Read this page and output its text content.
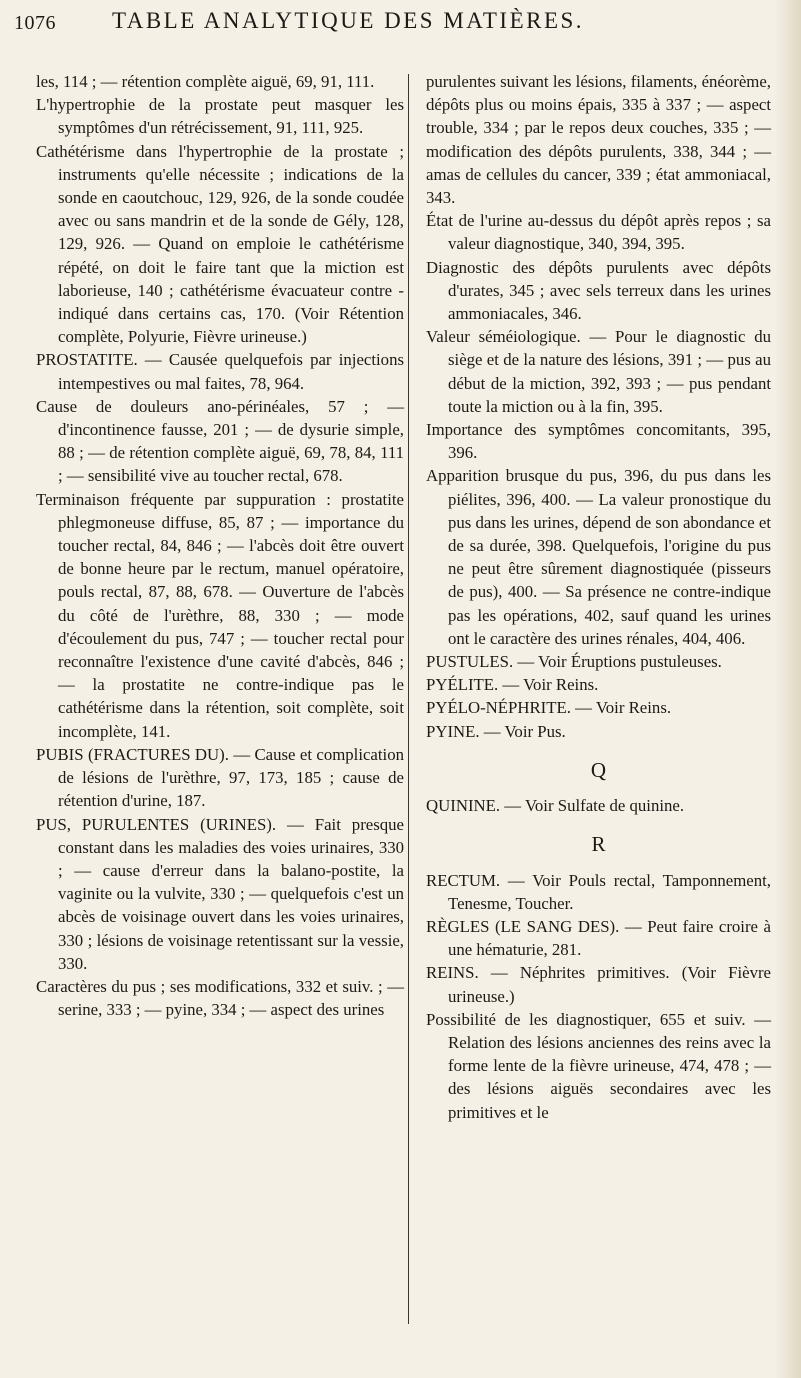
1076 TABLE ANALYTIQUE DES MATIÈRES.

les, 114 ; — rétention complète aiguë, 69, 91, 111.

L'hypertrophie de la prostate peut masquer les symptômes d'un rétrécissement, 91, 111, 925.

Cathétérisme dans l'hypertrophie de la prostate ; instruments qu'elle nécessite ; indications de la sonde en caoutchouc, 129, 926, de la sonde coudée avec ou sans mandrin et de la sonde de Gély, 128, 129, 926. — Quand on emploie le cathétérisme répété, on doit le faire tant que la miction est laborieuse, 140 ; cathétérisme évacuateur contre - indiqué dans certains cas, 170. (Voir Rétention complète, Polyurie, Fièvre urineuse.)

PROSTATITE. — Causée quelquefois par injections intempestives ou mal faites, 78, 964.

Cause de douleurs ano-périnéales, 57 ; — d'incontinence fausse, 201 ; — de dysurie simple, 88 ; — de rétention complète aiguë, 69, 78, 84, 111 ; — sensibilité vive au toucher rectal, 678.

Terminaison fréquente par suppuration : prostatite phlegmoneuse diffuse, 85, 87 ; — importance du toucher rectal, 84, 846 ; — l'abcès doit être ouvert de bonne heure par le rectum, manuel opératoire, pouls rectal, 87, 88, 678. — Ouverture de l'abcès du côté de l'urèthre, 88, 330 ; — mode d'écoulement du pus, 747 ; — toucher rectal pour reconnaître l'existence d'une cavité d'abcès, 846 ; — la prostatite ne contre-indique pas le cathétérisme dans la rétention, soit complète, soit incomplète, 141.

PUBIS (FRACTURES DU). — Cause et complication de lésions de l'urèthre, 97, 173, 185 ; cause de rétention d'urine, 187.

PUS, PURULENTES (URINES). — Fait presque constant dans les maladies des voies urinaires, 330 ; — cause d'erreur dans la balano-postite, la vaginite ou la vulvite, 330 ; — quelquefois c'est un abcès de voisinage ouvert dans les voies urinaires, 330 ; lésions de voisinage retentissant sur la vessie, 330.

Caractères du pus ; ses modifications, 332 et suiv. ; — serine, 333 ; — pyine, 334 ; — aspect des urines

purulentes suivant les lésions, filaments, énéorème, dépôts plus ou moins épais, 335 à 337 ; — aspect trouble, 334 ; par le repos deux couches, 335 ; — modification des dépôts purulents, 338, 344 ; — amas de cellules du cancer, 339 ; état ammoniacal, 343.

État de l'urine au-dessus du dépôt après repos ; sa valeur diagnostique, 340, 394, 395.

Diagnostic des dépôts purulents avec dépôts d'urates, 345 ; avec sels terreux dans les urines ammoniacales, 346.

Valeur séméiologique. — Pour le diagnostic du siège et de la nature des lésions, 391 ; — pus au début de la miction, 392, 393 ; — pus pendant toute la miction ou à la fin, 395.

Importance des symptômes concomitants, 395, 396.

Apparition brusque du pus, 396, du pus dans les piélites, 396, 400. — La valeur pronostique du pus dans les urines, dépend de son abondance et de sa durée, 398. Quelquefois, l'origine du pus ne peut être sûrement diagnostiquée (pisseurs de pus), 400. — Sa présence ne contre-indique pas les opérations, 402, sauf quand les urines ont le caractère des urines rénales, 404, 406.

PUSTULES. — Voir Éruptions pustuleuses.

PYÉLITE. — Voir Reins.

PYÉLO-NÉPHRITE. — Voir Reins.

PYINE. — Voir Pus.

Q

QUININE. — Voir Sulfate de quinine.

R

RECTUM. — Voir Pouls rectal, Tamponnement, Tenesme, Toucher.

RÈGLES (LE SANG DES). — Peut faire croire à une hématurie, 281.

REINS. — Néphrites primitives. (Voir Fièvre urineuse.)

Possibilité de les diagnostiquer, 655 et suiv. — Relation des lésions anciennes des reins avec la forme lente de la fièvre urineuse, 474, 478 ; — des lésions aiguës secondaires avec les primitives et le
